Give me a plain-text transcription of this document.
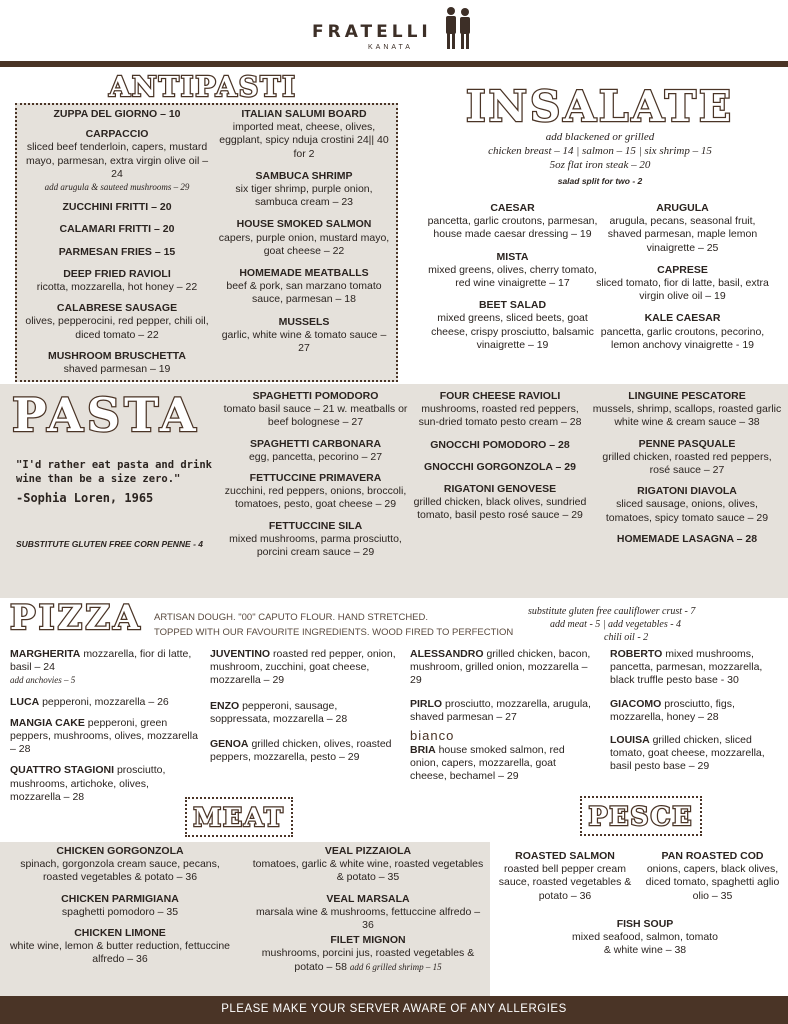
FRATELLI
KANATA
ANTIPASTI
ZUPPA DEL GIORNO – 10
CARPACCIO
sliced beef tenderloin, capers, mustard mayo, parmesan, extra virgin olive oil – 24
add arugula & sauteed mushrooms – 29
ZUCCHINI FRITTI – 20
CALAMARI FRITTI – 20
PARMESAN FRIES – 15
DEEP FRIED RAVIOLI
ricotta, mozzarella, hot honey – 22
CALABRESE SAUSAGE
olives, pepperocini, red pepper, chili oil, diced tomato – 22
MUSHROOM BRUSCHETTA
shaved parmesan – 19
ITALIAN SALUMI BOARD
imported meat, cheese, olives, eggplant, spicy nduja crostini 24|| 40 for 2
SAMBUCA SHRIMP
six tiger shrimp, purple onion, sambuca cream – 23
HOUSE SMOKED SALMON
capers, purple onion, mustard mayo, goat cheese – 22
HOMEMADE MEATBALLS
beef & pork, san marzano tomato sauce, parmesan – 18
MUSSELS
garlic, white wine & tomato sauce – 27
INSALATE
add blackened or grilled
chicken breast – 14 | salmon – 15 | six shrimp – 15
5oz flat iron steak – 20
salad split for two - 2
CAESAR
pancetta, garlic croutons, parmesan, house made caesar dressing – 19
MISTA
mixed greens, olives, cherry tomato, red wine vinaigrette – 17
BEET SALAD
mixed greens, sliced beets, goat cheese, crispy prosciutto, balsamic vinaigrette – 19
ARUGULA
arugula, pecans, seasonal fruit, shaved parmesan, maple lemon vinaigrette – 25
CAPRESE
sliced tomato, fior di latte, basil, extra virgin olive oil – 19
KALE CAESAR
pancetta, garlic croutons, pecorino, lemon anchovy vinaigrette - 19
PASTA
"I'd rather eat pasta and drink wine than be a size zero."
-Sophia Loren, 1965
SUBSTITUTE GLUTEN FREE CORN PENNE - 4
SPAGHETTI POMODORO
tomato basil sauce – 21 w. meatballs or beef bolognese – 27
SPAGHETTI CARBONARA
egg, pancetta, pecorino – 27
FETTUCCINE PRIMAVERA
zucchini, red peppers, onions, broccoli, tomatoes, pesto, goat cheese – 29
FETTUCCINE SILA
mixed mushrooms, parma prosciutto, porcini cream sauce – 29
FOUR CHEESE RAVIOLI
mushrooms, roasted red peppers, sun-dried tomato pesto cream – 28
GNOCCHI POMODORO – 28
GNOCCHI GORGONZOLA – 29
RIGATONI GENOVESE
grilled chicken, black olives, sundried tomato, basil pesto rosé sauce – 29
LINGUINE PESCATORE
mussels, shrimp, scallops, roasted garlic white wine & cream sauce – 38
PENNE PASQUALE
grilled chicken, roasted red peppers, rosé sauce – 27
RIGATONI DIAVOLA
sliced sausage, onions, olives, tomatoes, spicy tomato sauce – 29
HOMEMADE LASAGNA – 28
PIZZA ARTISAN DOUGH. "00" CAPUTO FLOUR. HAND STRETCHED.
TOPPED WITH OUR FAVOURITE INGREDIENTS. WOOD FIRED TO PERFECTION
substitute gluten free cauliflower crust - 7
add meat - 5 | add vegetables - 4
chili oil - 2
MARGHERITA mozzarella, fior di latte, basil – 24
add anchovies – 5
LUCA pepperoni, mozzarella – 26
MANGIA CAKE pepperoni, green peppers, mushrooms, olives, mozzarella – 28
QUATTRO STAGIONI prosciutto, mushrooms, artichoke, olives, mozzarella – 28
JUVENTINO roasted red pepper, onion, mushroom, zucchini, goat cheese, mozzarella – 29
ENZO pepperoni, sausage, soppressata, mozzarella – 28
GENOA grilled chicken, olives, roasted peppers, mozzarella, pesto – 29
ALESSANDRO grilled chicken, bacon, mushroom, grilled onion, mozzarella – 29
PIRLO prosciutto, mozzarella, arugula, shaved parmesan – 27
bianco
BRIA house smoked salmon, red onion, capers, mozzarella, goat cheese, bechamel – 29
ROBERTO mixed mushrooms, pancetta, parmesan, mozzarella, black truffle pesto base - 30
GIACOMO prosciutto, figs, mozzarella, honey – 28
LOUISA grilled chicken, sliced tomato, goat cheese, mozzarella, basil pesto base – 29
MEAT
CHICKEN GORGONZOLA
spinach, gorgonzola cream sauce, pecans, roasted vegetables & potato – 36
CHICKEN PARMIGIANA
spaghetti pomodoro – 35
CHICKEN LIMONE
white wine, lemon & butter reduction, fettuccine alfredo – 36
VEAL PIZZAIOLA
tomatoes, garlic & white wine, roasted vegetables & potato – 35
VEAL MARSALA
marsala wine & mushrooms, fettuccine alfredo – 36
FILET MIGNON
mushrooms, porcini jus, roasted vegetables & potato – 58 add 6 grilled shrimp – 15
PESCE
ROASTED SALMON
roasted bell pepper cream sauce, roasted vegetables & potato – 36
PAN ROASTED COD
onions, capers, black olives, diced tomato, spaghetti aglio olio – 35
FISH SOUP
mixed seafood, salmon, tomato & white wine – 38
PLEASE MAKE YOUR SERVER AWARE OF ANY ALLERGIES
